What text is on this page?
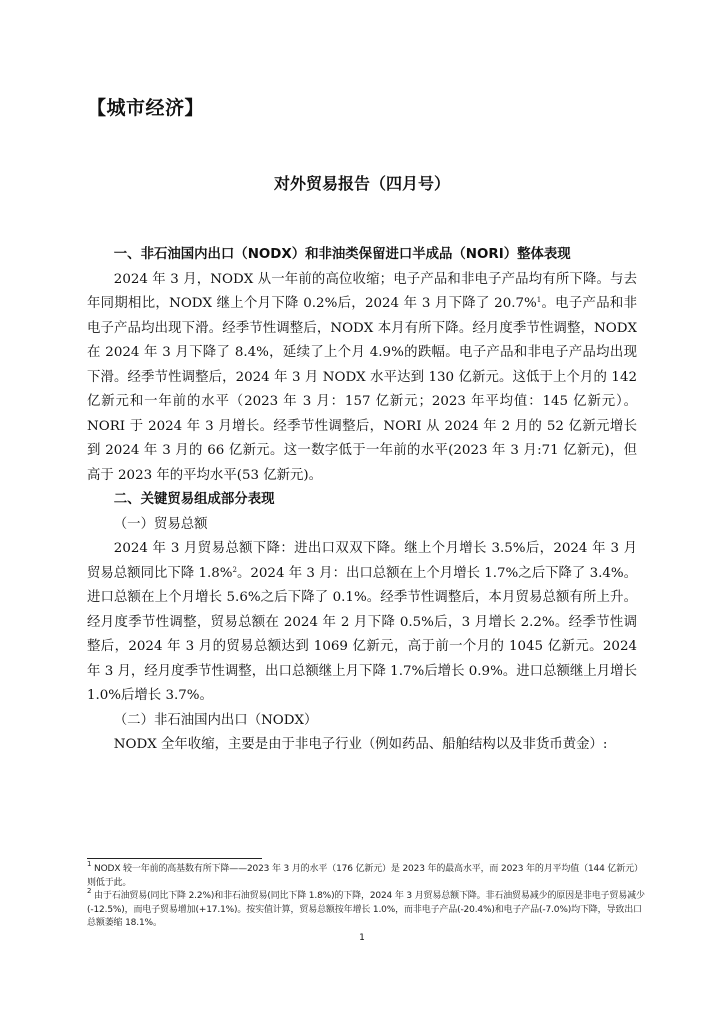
【城市经济】
对外贸易报告（四月号）
一、非石油国内出口（NODX）和非油类保留进口半成品（NORI）整体表现

2024 年 3 月，NODX 从一年前的高位收缩；电子产品和非电子产品均有所下降。与去年同期相比，NODX 继上个月下降 0.2%后，2024 年 3 月下降了 20.7%$^1$。电子产品和非电子产品均出现下滑。经季节性调整后，NODX 本月有所下降。经月度季节性调整，NODX 在 2024 年 3 月下降了 8.4%，延续了上个月 4.9%的跌幅。电子产品和非电子产品均出现下滑。经季节性调整后，2024 年 3 月 NODX 水平达到 130 亿新元。这低于上个月的 142 亿新元和一年前的水平（2023 年 3 月：157 亿新元；2023 年平均值：145 亿新元）。NORI 于 2024 年 3 月增长。经季节性调整后，NORI 从 2024 年 2 月的 52 亿新元增长到 2024 年 3 月的 66 亿新元。这一数字低于一年前的水平(2023 年 3 月:71 亿新元)，但高于 2023 年的平均水平(53 亿新元)。

二、关键贸易组成部分表现

（一）贸易总额

2024 年 3 月贸易总额下降：进出口双双下降。继上个月增长 3.5%后，2024 年 3 月贸易总额同比下降 1.8%$^2$。2024 年 3 月：出口总额在上个月增长 1.7%之后下降了 3.4%。进口总额在上个月增长 5.6%之后下降了 0.1%。经季节性调整后，本月贸易总额有所上升。经月度季节性调整，贸易总额在 2024 年 2 月下降 0.5%后，3 月增长 2.2%。经季节性调整后，2024 年 3 月的贸易总额达到 1069 亿新元，高于前一个月的 1045 亿新元。2024 年 3 月，经月度季节性调整，出口总额继上月下降 1.7%后增长 0.9%。进口总额继上月增长 1.0%后增长 3.7%。

（二）非石油国内出口（NODX）

NODX 全年收缩，主要是由于非电子行业（例如药品、船舶结构以及非货币黄金）:

$^1$ NODX 较一年前的高基数有所下降——2023 年 3 月的水平（176 亿新元）是 2023 年的最高水平，而 2023 年的月平均值（144 亿新元）则低于此。

$^2$ 由于石油贸易(同比下降 2.2%)和非石油贸易(同比下降 1.8%)的下降，2024 年 3 月贸易总额下降。非石油贸易减少的原因是非电子贸易减少(-12.5%)，而电子贸易增加(+17.1%)。按实值计算，贸易总额按年增长 1.0%，而非电子产品(-20.4%)和电子产品(-7.0%)均下降，导致出口总额萎缩 18.1%。

1
